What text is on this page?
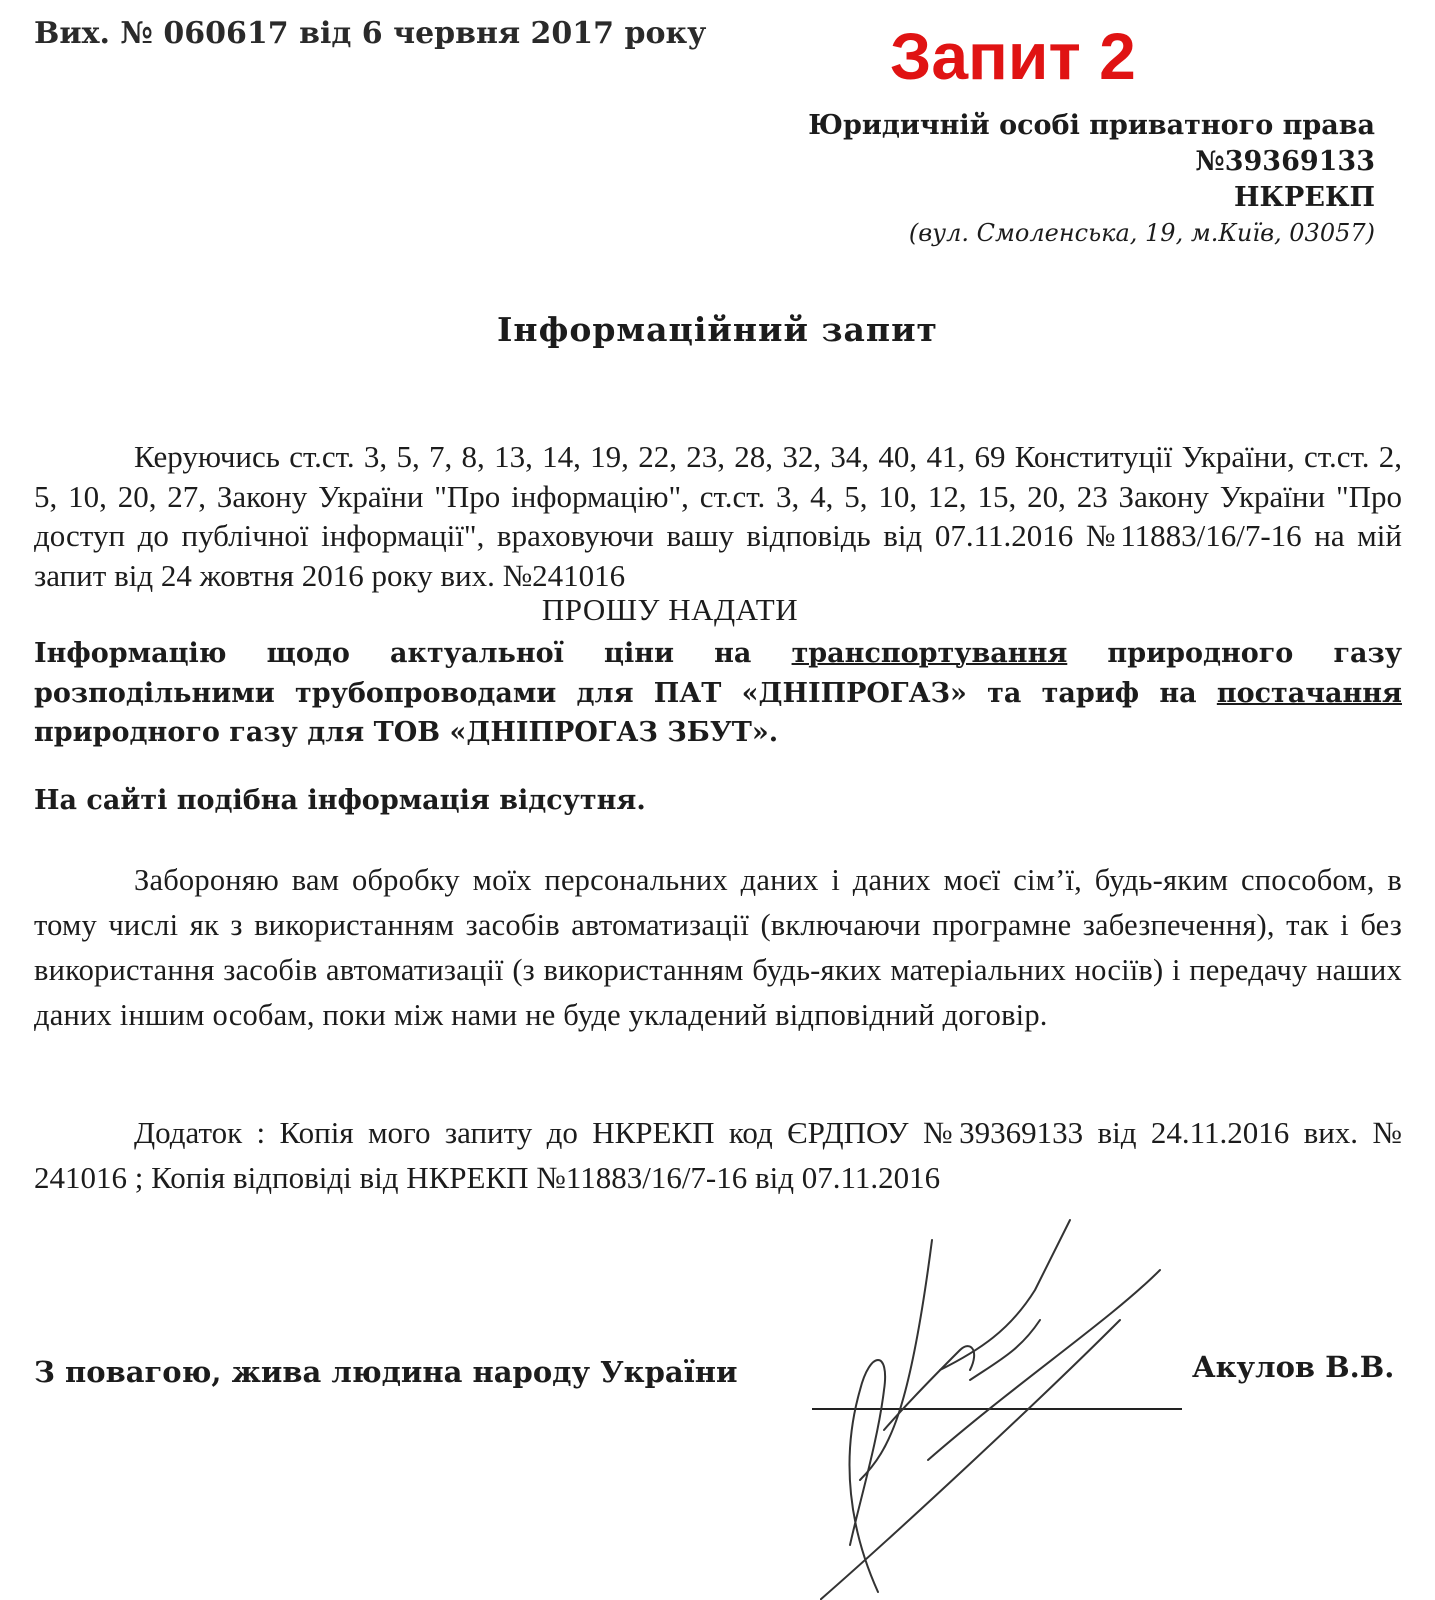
Вих. № 060617 від 6 червня 2017 року	Запит 2
Юридичній особі приватного права №39369133
НКРЕКП
(вул. Смоленська, 19, м.Київ, 03057)
Інформаційний запит
Керуючись ст.ст. 3, 5, 7, 8, 13, 14, 19, 22, 23, 28, 32, 34, 40, 41, 69 Конституції України, ст.ст. 2, 5, 10, 20, 27, Закону України "Про інформацію", ст.ст. 3, 4, 5, 10, 12, 15, 20, 23 Закону України "Про доступ до публічної інформації", враховуючи вашу відповідь від 07.11.2016 №11883/16/7-16 на мій запит від 24 жовтня 2016 року вих. №241016
ПРОШУ НАДАТИ
Інформацію щодо актуальної ціни на транспортування природного газу розподільними трубопроводами для ПАТ «ДНІПРОГАЗ» та тариф на постачання природного газу для ТОВ «ДНІПРОГАЗ ЗБУТ».
На сайті подібна інформація відсутня.
Забороняю вам обробку моїх персональних даних і даних моєї сім’ї, будь-яким способом, в тому числі як з використанням засобів автоматизації (включаючи програмне забезпечення), так і без використання засобів автоматизації (з використанням будь-яких матеріальних носіїв) і передачу наших даних іншим особам, поки між нами не буде укладений відповідний договір.
Додаток : Копія мого запиту до НКРЕКП код ЄРДПОУ №39369133 від 24.11.2016 вих. № 241016 ; Копія відповіді від НКРЕКП №11883/16/7-16 від 07.11.2016
З повагою, жива людина народу України	Акулов В.В.
